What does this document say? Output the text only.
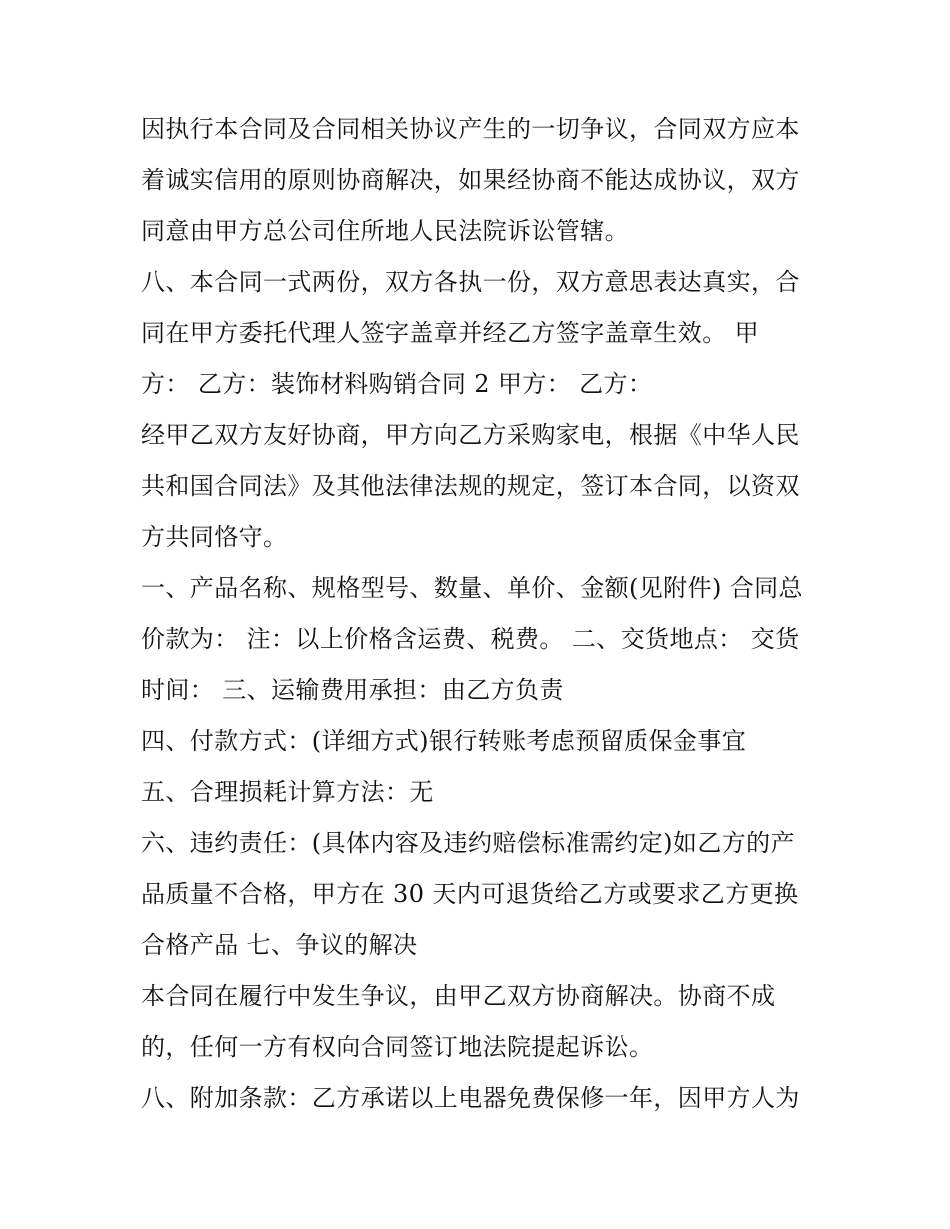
因执行本合同及合同相关协议产生的一切争议，合同双方应本
着诚实信用的原则协商解决，如果经协商不能达成协议，双方
同意由甲方总公司住所地人民法院诉讼管辖。
八、本合同一式两份，双方各执一份，双方意思表达真实，合
同在甲方委托代理人签字盖章并经乙方签字盖章生效。 甲
方： 乙方：装饰材料购销合同 2 甲方： 乙方：
经甲乙双方友好协商，甲方向乙方采购家电，根据《中华人民
共和国合同法》及其他法律法规的规定，签订本合同，以资双
方共同恪守。
一、产品名称、规格型号、数量、单价、金额(见附件) 合同总
价款为： 注：以上价格含运费、税费。 二、交货地点： 交货
时间： 三、运输费用承担：由乙方负责
四、付款方式：(详细方式)银行转账考虑预留质保金事宜
五、合理损耗计算方法：无
六、违约责任：(具体内容及违约赔偿标准需约定)如乙方的产
品质量不合格，甲方在 30 天内可退货给乙方或要求乙方更换
合格产品 七、争议的解决
本合同在履行中发生争议，由甲乙双方协商解决。协商不成
的，任何一方有权向合同签订地法院提起诉讼。
八、附加条款：乙方承诺以上电器免费保修一年，因甲方人为
